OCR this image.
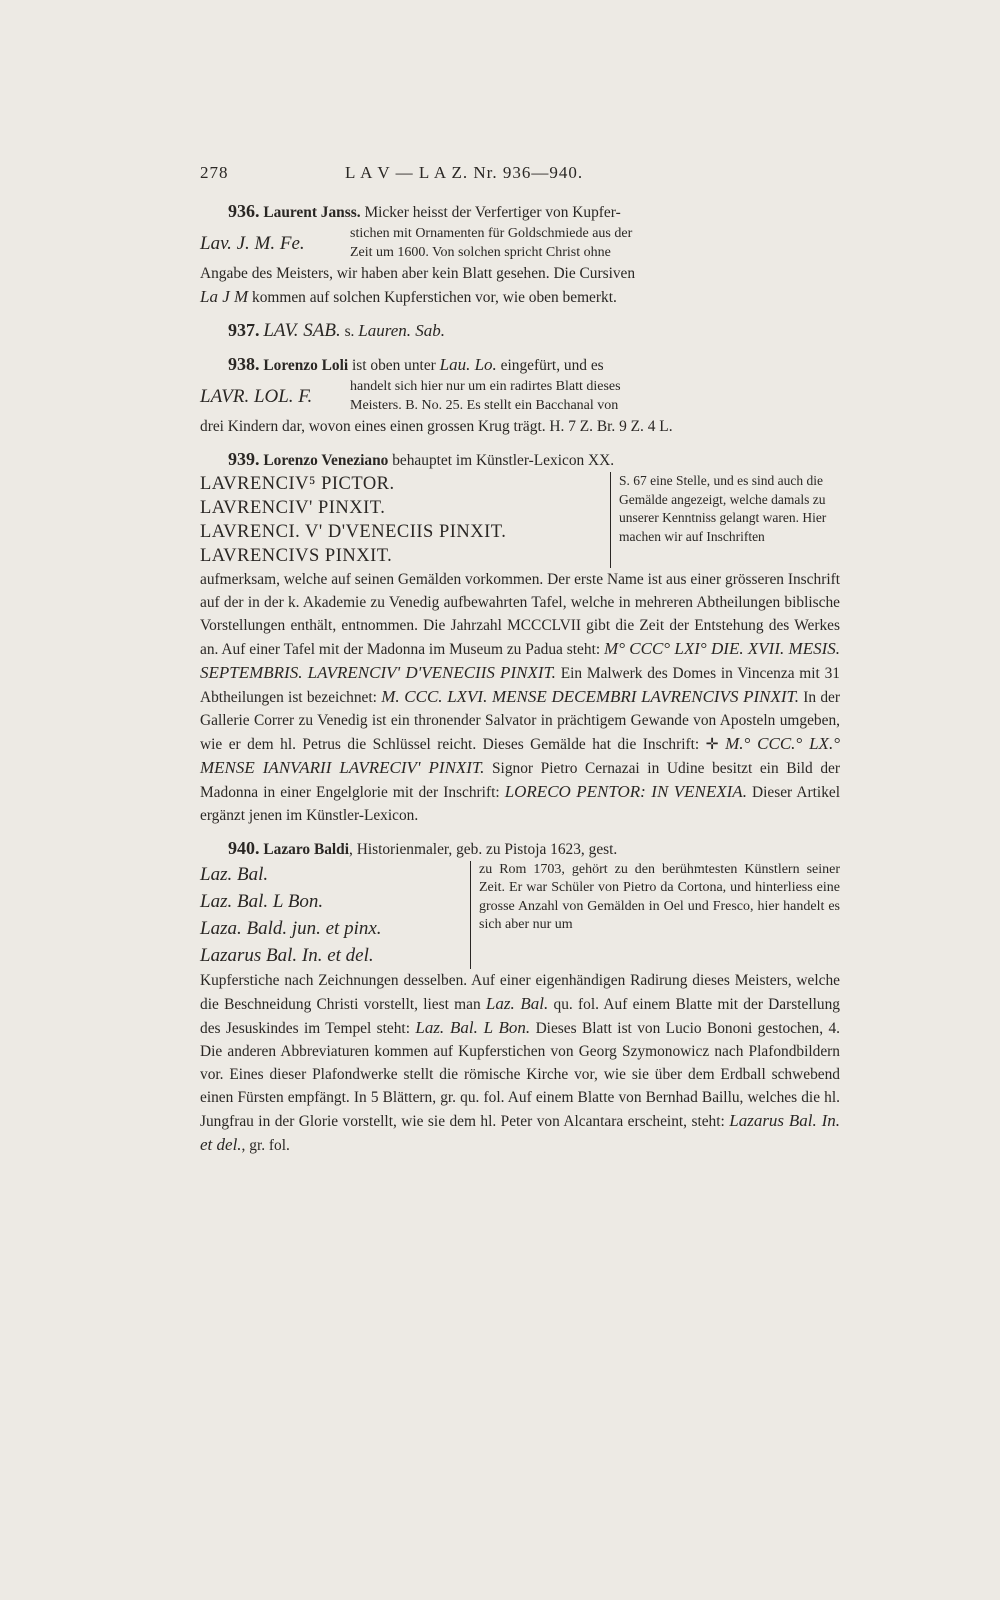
278	L A V — L A Z. Nr. 936—940.
936. Laurent Janss. Micker heisst der Verfertiger von Kupfer-
Lav. J. M. Fe.	stichen mit Ornamenten für Goldschmiede aus der
Zeit um 1600. Von solchen spricht Christ ohne
Angabe des Meisters, wir haben aber kein Blatt gesehen. Die Cursiven
La J M kommen auf solchen Kupferstichen vor, wie oben bemerkt.
937. LAV. SAB. s. Lauren. Sab.
938. Lorenzo Loli ist oben unter Lau. Lo. eingefürt, und es
LAVR. LOL. F.	handelt sich hier nur um ein radirtes Blatt dieses
Meisters. B. No. 25. Es stellt ein Bacchanal von
drei Kindern dar, wovon eines einen grossen Krug trägt. H. 7 Z. Br. 9 Z. 4 L.
939. Lorenzo Veneziano behauptet im Künstler-Lexicon XX.
LAVRENCIV⁵ PICTOR.
LAVRENCIV' PINXIT.
LAVRENCI. V' D'VENECIIS PINXIT.
LAVRENCIVS PINXIT.
S. 67 eine Stelle, und es sind auch die Gemälde angezeigt, welche damals zu unserer Kenntniss gelangt waren. Hier machen wir auf Inschriften
aufmerksam, welche auf seinen Gemälden vorkommen. Der erste Name ist aus einer grösseren Inschrift auf der in der k. Akademie zu Venedig aufbewahrten Tafel, welche in mehreren Abtheilungen biblische Vorstellungen enthält, entnommen. Die Jahrzahl MCCCLVII gibt die Zeit der Entstehung des Werkes an. Auf einer Tafel mit der Madonna im Museum zu Padua steht: M° CCC° LXI° DIE. XVII. MESIS. SEPTEMBRIS. LAVRENCIV' D'VENECIIS PINXIT. Ein Malwerk des Domes in Vincenza mit 31 Abtheilungen ist bezeichnet: M. CCC. LXVI. MENSE DECEMBRI LAVRENCIVS PINXIT. In der Gallerie Correr zu Venedig ist ein thronender Salvator in prächtigem Gewande von Aposteln umgeben, wie er dem hl. Petrus die Schlüssel reicht. Dieses Gemälde hat die Inschrift: ✛ M.° CCC.° LX.° MENSE IANVARII LAVRECIV' PINXIT. Signor Pietro Cernazai in Udine besitzt ein Bild der Madonna in einer Engelglorie mit der Inschrift: LORECO PENTOR: IN VENEXIA. Dieser Artikel ergänzt jenen im Künstler-Lexicon.
940. Lazaro Baldi, Historienmaler, geb. zu Pistoja 1623, gest.
Laz. Bal.
Laz. Bal. L Bon.
Laza. Bald. jun. et pinx.
Lazarus Bal. In. et del.
zu Rom 1703, gehört zu den berühmtesten Künstlern seiner Zeit. Er war Schüler von Pietro da Cortona, und hinterliess eine grosse Anzahl von Gemälden in Oel und Fresco, hier handelt es sich aber nur um
Kupferstiche nach Zeichnungen desselben. Auf einer eigenhändigen Radirung dieses Meisters, welche die Beschneidung Christi vorstellt, liest man Laz. Bal. qu. fol. Auf einem Blatte mit der Darstellung des Jesuskindes im Tempel steht: Laz. Bal. L Bon. Dieses Blatt ist von Lucio Bononi gestochen, 4. Die anderen Abbreviaturen kommen auf Kupferstichen von Georg Szymonowicz nach Plafondbildern vor. Eines dieser Plafondwerke stellt die römische Kirche vor, wie sie über dem Erdball schwebend einen Fürsten empfängt. In 5 Blättern, gr. qu. fol. Auf einem Blatte von Bernhad Baillu, welches die hl. Jungfrau in der Glorie vorstellt, wie sie dem hl. Peter von Alcantara erscheint, steht: Lazarus Bal. In. et del., gr. fol.
